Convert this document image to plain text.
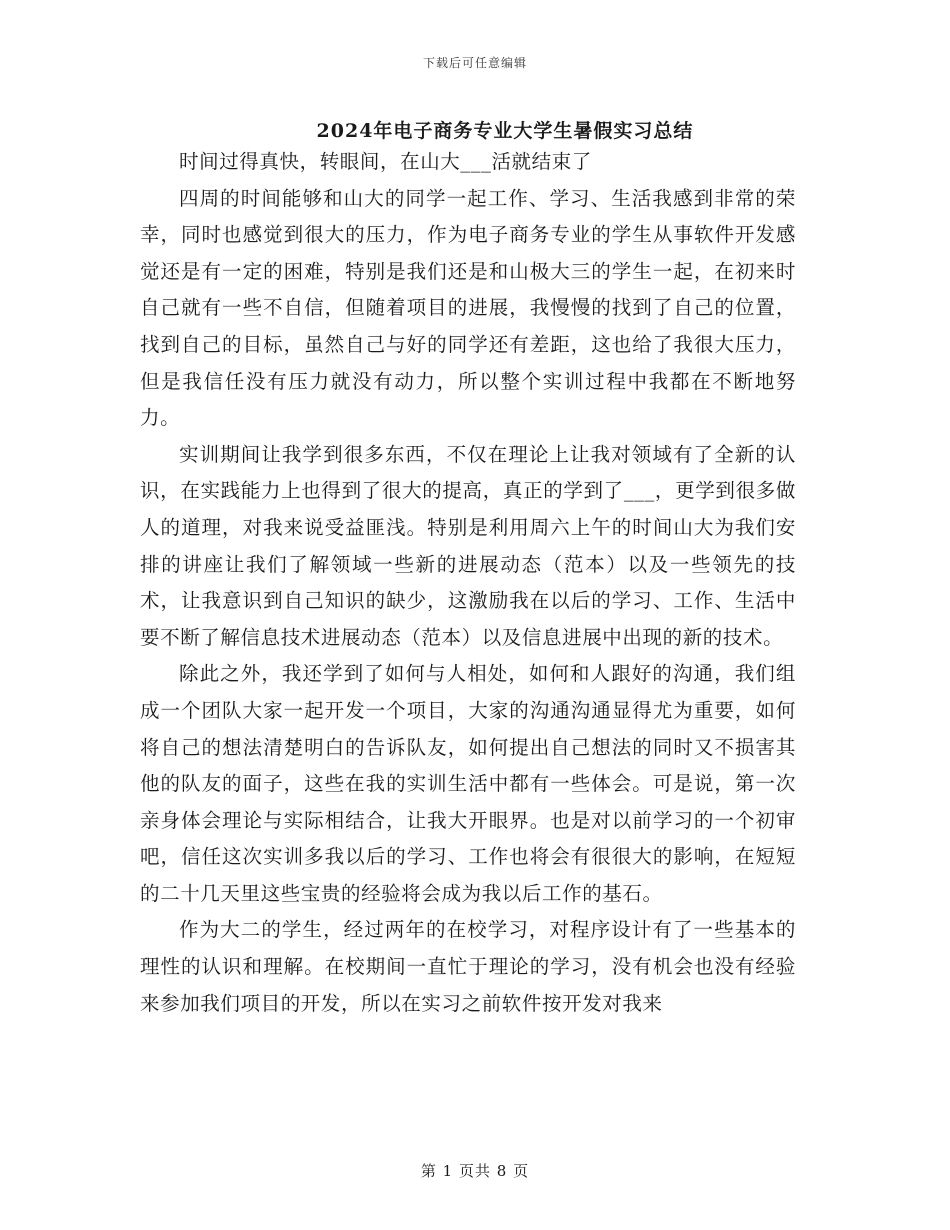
下载后可任意编辑
2024年电子商务专业大学生暑假实习总结

时间过得真快，转眼间，在山大___活就结束了

四周的时间能够和山大的同学一起工作、学习、生活我感到非常的荣幸，同时也感觉到很大的压力，作为电子商务专业的学生从事软件开发感觉还是有一定的困难，特别是我们还是和山极大三的学生一起，在初来时自己就有一些不自信，但随着项目的进展，我慢慢的找到了自己的位置，找到自己的目标，虽然自己与好的同学还有差距，这也给了我很大压力，但是我信任没有压力就没有动力，所以整个实训过程中我都在不断地努力。

实训期间让我学到很多东西，不仅在理论上让我对领域有了全新的认识，在实践能力上也得到了很大的提高，真正的学到了___，更学到很多做人的道理，对我来说受益匪浅。特别是利用周六上午的时间山大为我们安排的讲座让我们了解领域一些新的进展动态（范本）以及一些领先的技术，让我意识到自己知识的缺少，这激励我在以后的学习、工作、生活中要不断了解信息技术进展动态（范本）以及信息进展中出现的新的技术。

除此之外，我还学到了如何与人相处，如何和人跟好的沟通，我们组成一个团队大家一起开发一个项目，大家的沟通沟通显得尤为重要，如何将自己的想法清楚明白的告诉队友，如何提出自己想法的同时又不损害其他的队友的面子，这些在我的实训生活中都有一些体会。可是说，第一次亲身体会理论与实际相结合，让我大开眼界。也是对以前学习的一个初审吧，信任这次实训多我以后的学习、工作也将会有很很大的影响，在短短的二十几天里这些宝贵的经验将会成为我以后工作的基石。

作为大二的学生，经过两年的在校学习，对程序设计有了一些基本的理性的认识和理解。在校期间一直忙于理论的学习，没有机会也没有经验来参加我们项目的开发，所以在实习之前软件按开发对我来

第 1 页共 8 页
